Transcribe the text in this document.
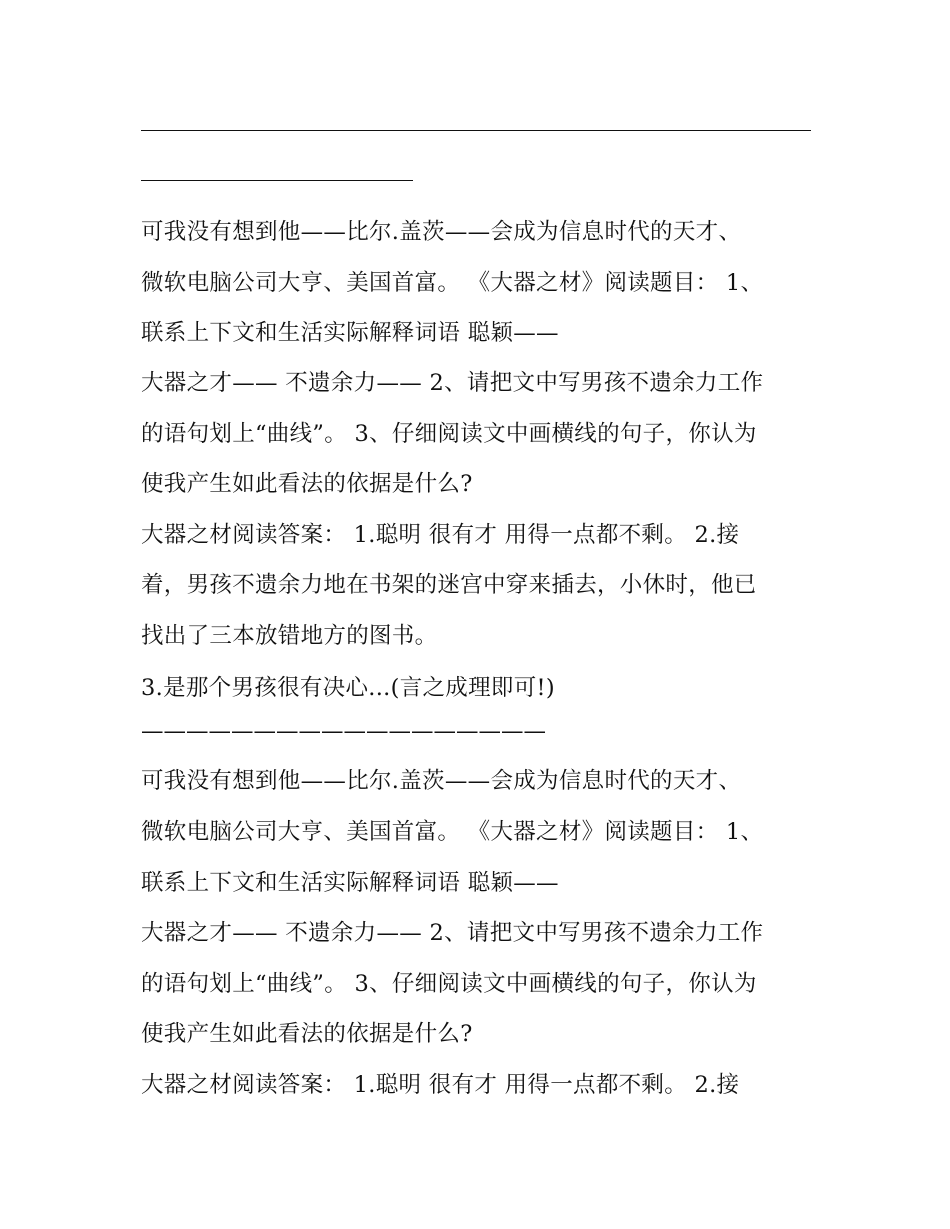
可我没有想到他——比尔.盖茨——会成为信息时代的天才、
微软电脑公司大亨、美国首富。 《大器之材》阅读题目： 1、
联系上下文和生活实际解释词语 聪颖——
大器之才—— 不遗余力—— 2、请把文中写男孩不遗余力工作
的语句划上“曲线”。 3、仔细阅读文中画横线的句子，你认为
使我产生如此看法的依据是什么?
大器之材阅读答案： 1.聪明 很有才 用得一点都不剩。 2.接
着，男孩不遗余力地在书架的迷宫中穿来插去，小休时，他已
找出了三本放错地方的图书。
3.是那个男孩很有决心...(言之成理即可!)
——————————————————
可我没有想到他——比尔.盖茨——会成为信息时代的天才、
微软电脑公司大亨、美国首富。 《大器之材》阅读题目： 1、
联系上下文和生活实际解释词语 聪颖——
大器之才—— 不遗余力—— 2、请把文中写男孩不遗余力工作
的语句划上“曲线”。 3、仔细阅读文中画横线的句子，你认为
使我产生如此看法的依据是什么?
大器之材阅读答案： 1.聪明 很有才 用得一点都不剩。 2.接
